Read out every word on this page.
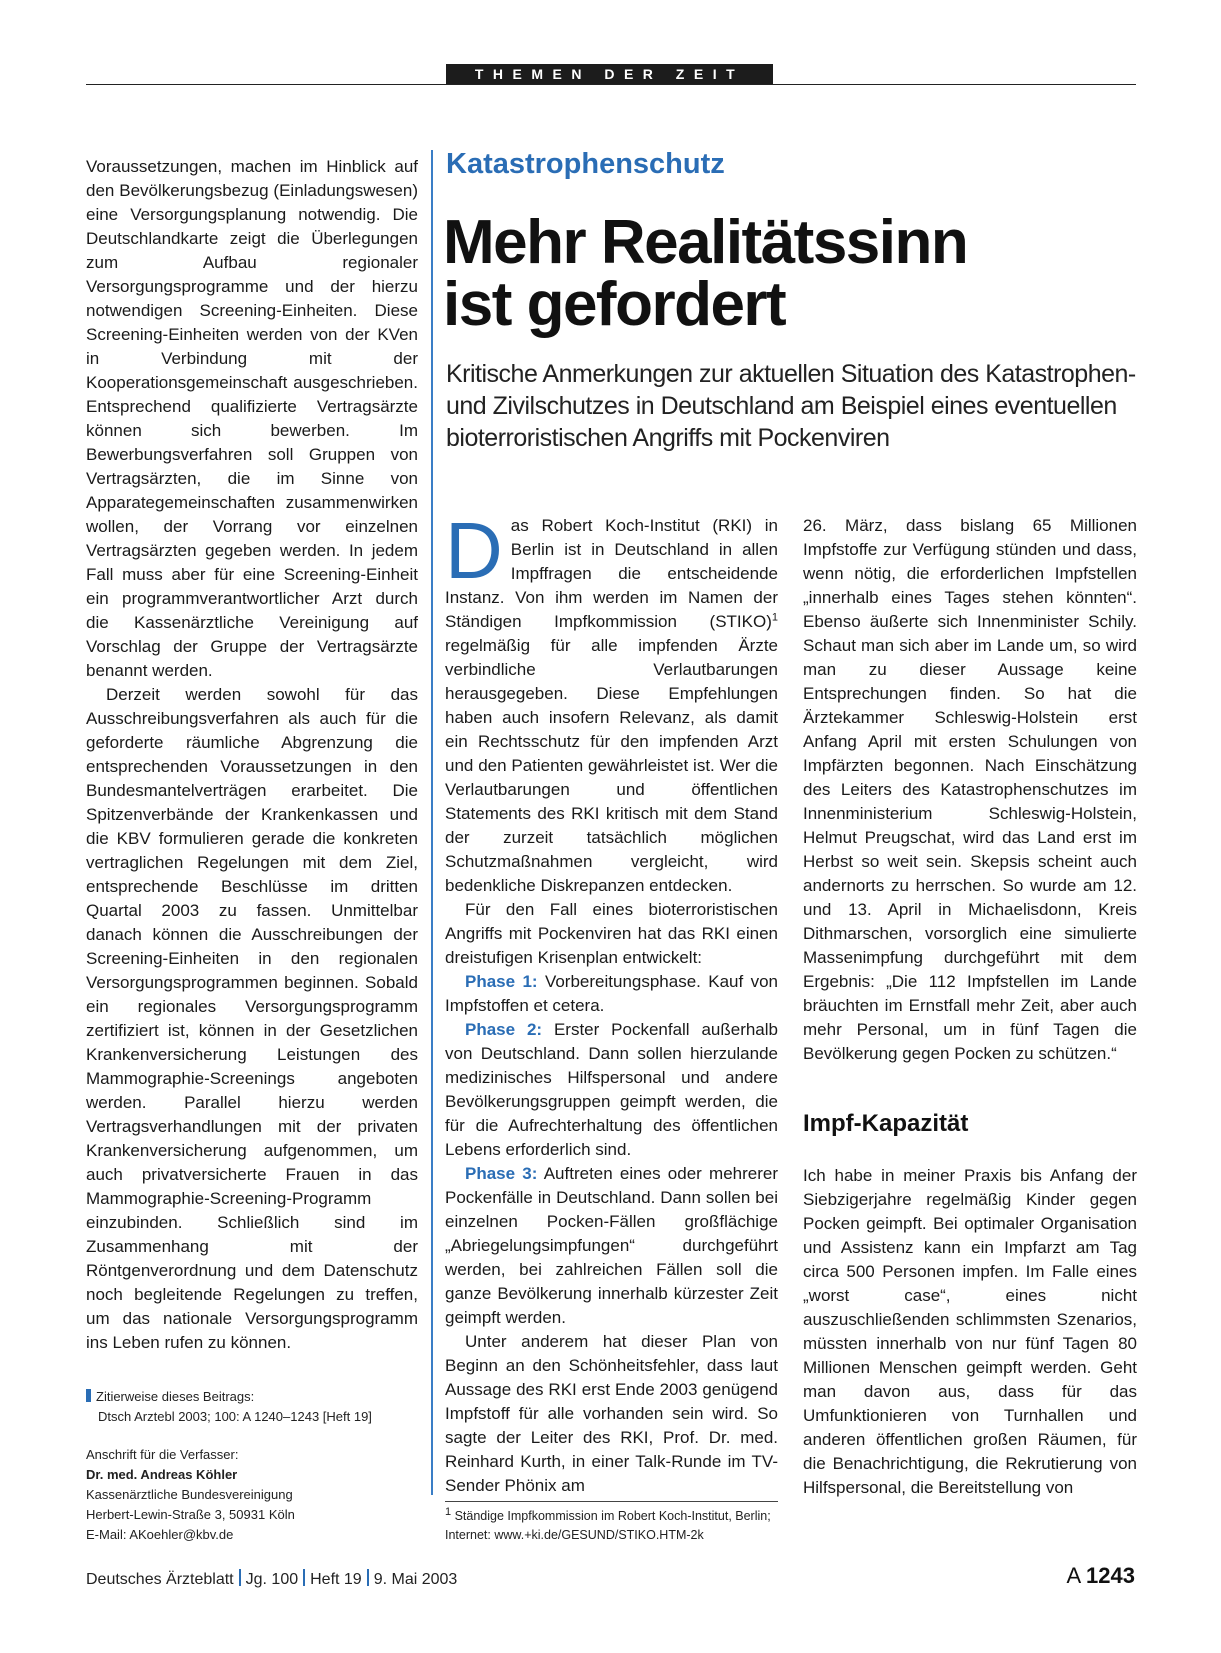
THEMEN DER ZEIT

Voraussetzungen, machen im Hinblick auf den Bevölkerungsbezug (Einladungswesen) eine Versorgungsplanung notwendig. Die Deutschlandkarte zeigt die Überlegungen zum Aufbau regionaler Versorgungsprogramme und der hierzu notwendigen Screening-Einheiten. Diese Screening-Einheiten werden von der KVen in Verbindung mit der Kooperationsgemeinschaft ausgeschrieben. Entsprechend qualifizierte Vertragsärzte können sich bewerben. Im Bewerbungsverfahren soll Gruppen von Vertragsärzten, die im Sinne von Apparategemeinschaften zusammenwirken wollen, der Vorrang vor einzelnen Vertragsärzten gegeben werden. In jedem Fall muss aber für eine Screening-Einheit ein programmverantwortlicher Arzt durch die Kassenärztliche Vereinigung auf Vorschlag der Gruppe der Vertragsärzte benannt werden.

Derzeit werden sowohl für das Ausschreibungsverfahren als auch für die geforderte räumliche Abgrenzung die entsprechenden Voraussetzungen in den Bundesmantelverträgen erarbeitet. Die Spitzenverbände der Krankenkassen und die KBV formulieren gerade die konkreten vertraglichen Regelungen mit dem Ziel, entsprechende Beschlüsse im dritten Quartal 2003 zu fassen. Unmittelbar danach können die Ausschreibungen der Screening-Einheiten in den regionalen Versorgungsprogrammen beginnen. Sobald ein regionales Versorgungsprogramm zertifiziert ist, können in der Gesetzlichen Krankenversicherung Leistungen des Mammographie-Screenings angeboten werden. Parallel hierzu werden Vertragsverhandlungen mit der privaten Krankenversicherung aufgenommen, um auch privatversicherte Frauen in das Mammographie-Screening-Programm einzubinden. Schließlich sind im Zusammenhang mit der Röntgenverordnung und dem Datenschutz noch begleitende Regelungen zu treffen, um das nationale Versorgungsprogramm ins Leben rufen zu können.

Zitierweise dieses Beitrags:
Dtsch Arztebl 2003; 100: A 1240–1243 [Heft 19]
Anschrift für die Verfasser:
Dr. med. Andreas Köhler
Kassenärztliche Bundesvereinigung
Herbert-Lewin-Straße 3, 50931 Köln
E-Mail: AKoehler@kbv.de
Katastrophenschutz
Mehr Realitätssinn
ist gefordert
Kritische Anmerkungen zur aktuellen Situation des Katastrophen- und Zivilschutzes in Deutschland am Beispiel eines eventuellen bioterroristischen Angriffs mit Pockenviren

Das Robert Koch-Institut (RKI) in Berlin ist in Deutschland in allen Impffragen die entscheidende Instanz. Von ihm werden im Namen der Ständigen Impfkommission (STIKO)$^1$ regelmäßig für alle impfenden Ärzte verbindliche Verlautbarungen herausgegeben. Diese Empfehlungen haben auch insofern Relevanz, als damit ein Rechtsschutz für den impfenden Arzt und den Patienten gewährleistet ist. Wer die Verlautbarungen und öffentlichen Statements des RKI kritisch mit dem Stand der zurzeit tatsächlich möglichen Schutzmaßnahmen vergleicht, wird bedenkliche Diskrepanzen entdecken.

Für den Fall eines bioterroristischen Angriffs mit Pockenviren hat das RKI einen dreistufigen Krisenplan entwickelt:

Phase 1: Vorbereitungsphase. Kauf von Impfstoffen et cetera.

Phase 2: Erster Pockenfall außerhalb von Deutschland. Dann sollen hierzulande medizinisches Hilfspersonal und andere Bevölkerungsgruppen geimpft werden, die für die Aufrechterhaltung des öffentlichen Lebens erforderlich sind.

Phase 3: Auftreten eines oder mehrerer Pockenfälle in Deutschland. Dann sollen bei einzelnen Pocken-Fällen großflächige „Abriegelungsimpfungen“ durchgeführt werden, bei zahlreichen Fällen soll die ganze Bevölkerung innerhalb kürzester Zeit geimpft werden.

Unter anderem hat dieser Plan von Beginn an den Schönheitsfehler, dass laut Aussage des RKI erst Ende 2003 genügend Impfstoff für alle vorhanden sein wird. So sagte der Leiter des RKI, Prof. Dr. med. Reinhard Kurth, in einer Talk-Runde im TV-Sender Phönix am

$^1$ Ständige Impfkommission im Robert Koch-Institut, Berlin; Internet: www.+ki.de/GESUND/STIKO.HTM-2k

26. März, dass bislang 65 Millionen Impfstoffe zur Verfügung stünden und dass, wenn nötig, die erforderlichen Impfstellen „innerhalb eines Tages stehen könnten“. Ebenso äußerte sich Innenminister Schily. Schaut man sich aber im Lande um, so wird man zu dieser Aussage keine Entsprechungen finden. So hat die Ärztekammer Schleswig-Holstein erst Anfang April mit ersten Schulungen von Impfärzten begonnen. Nach Einschätzung des Leiters des Katastrophenschutzes im Innenministerium Schleswig-Holstein, Helmut Preugschat, wird das Land erst im Herbst so weit sein. Skepsis scheint auch andernorts zu herrschen. So wurde am 12. und 13. April in Michaelisdonn, Kreis Dithmarschen, vorsorglich eine simulierte Massenimpfung durchgeführt mit dem Ergebnis: „Die 112 Impfstellen im Lande bräuchten im Ernstfall mehr Zeit, aber auch mehr Personal, um in fünf Tagen die Bevölkerung gegen Pocken zu schützen.“

Impf-Kapazität

Ich habe in meiner Praxis bis Anfang der Siebzigerjahre regelmäßig Kinder gegen Pocken geimpft. Bei optimaler Organisation und Assistenz kann ein Impfarzt am Tag circa 500 Personen impfen. Im Falle eines „worst case“, eines nicht auszuschließenden schlimmsten Szenarios, müssten innerhalb von nur fünf Tagen 80 Millionen Menschen geimpft werden. Geht man davon aus, dass für das Umfunktionieren von Turnhallen und anderen öffentlichen großen Räumen, für die Benachrichtigung, die Rekrutierung von Hilfspersonal, die Bereitstellung von

Deutsches Ärzteblatt Jg. 100 Heft 19 9. Mai 2003	A 1243
